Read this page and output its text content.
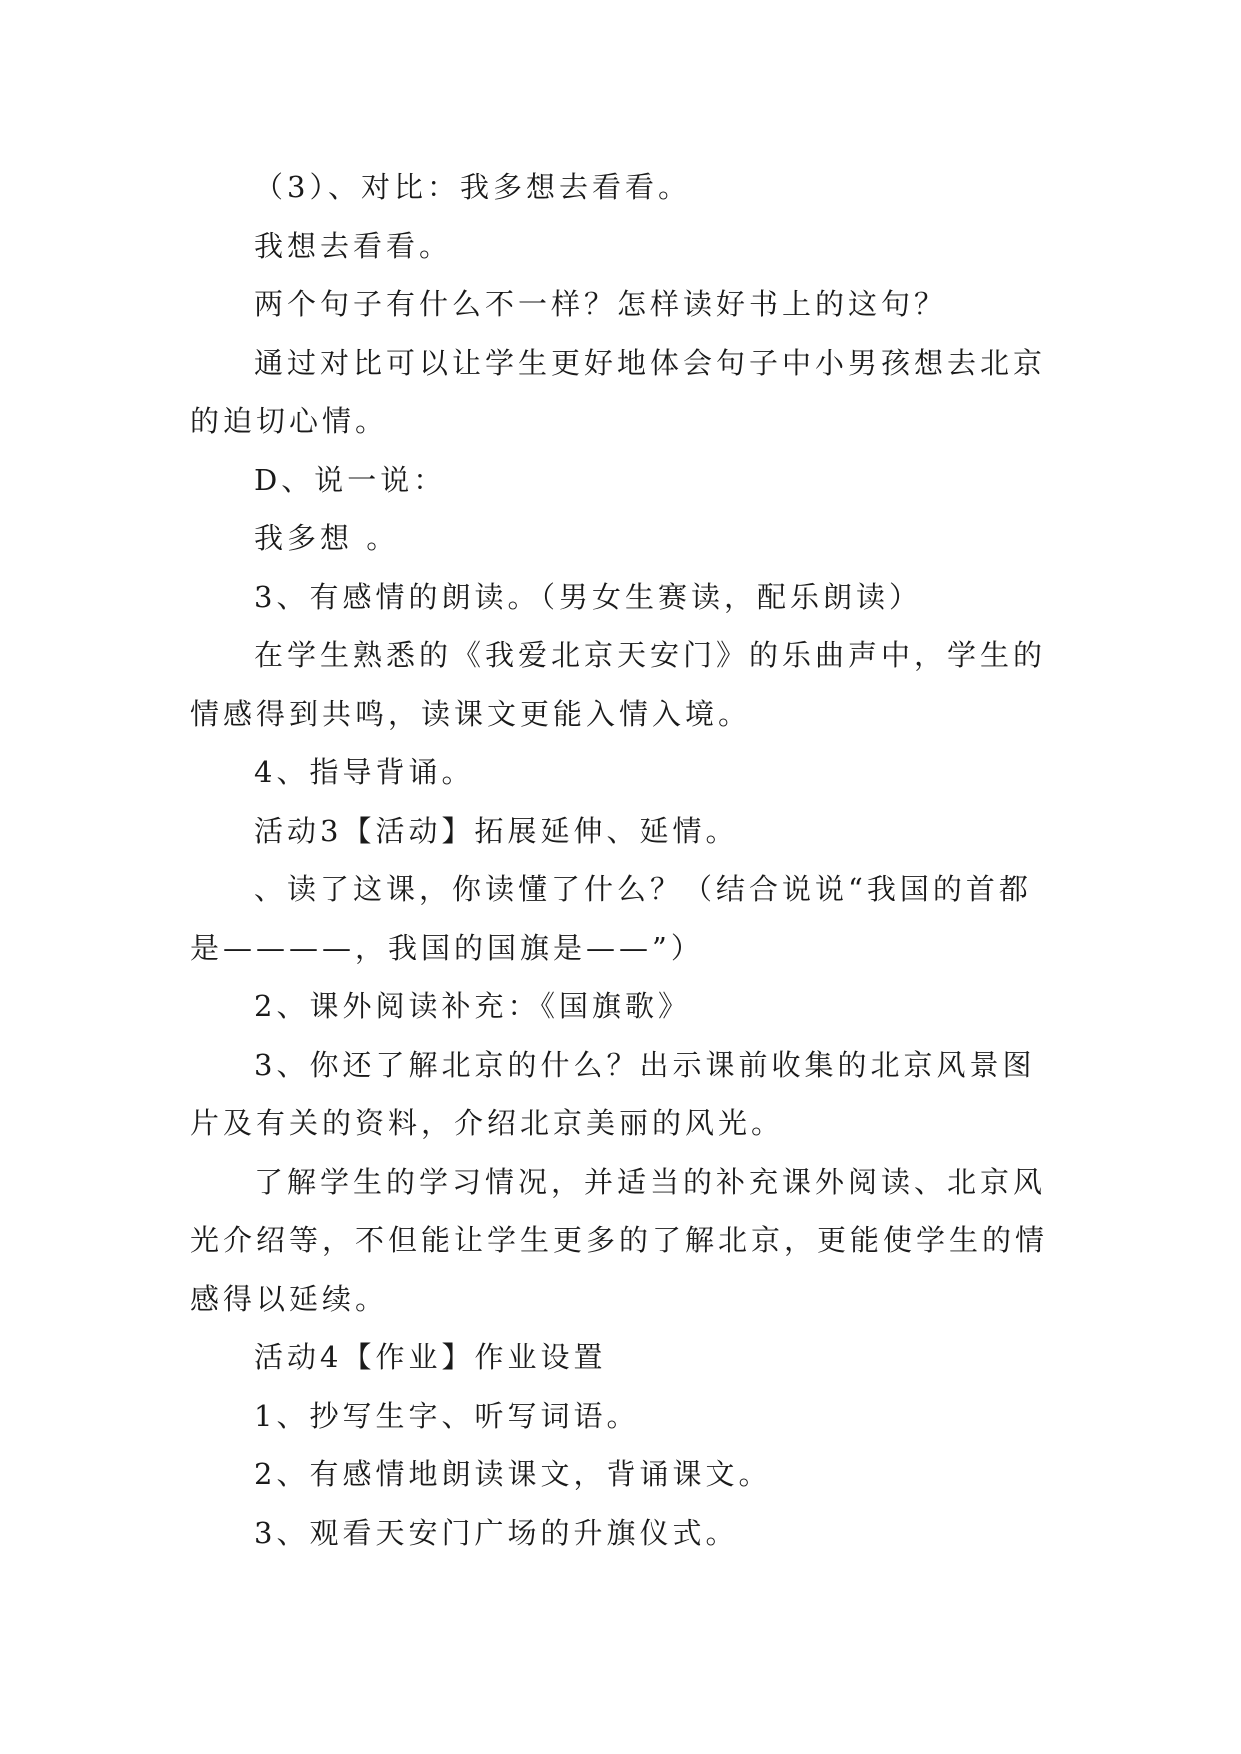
（3）、对比：我多想去看看。

我想去看看。

两个句子有什么不一样？怎样读好书上的这句？

通过对比可以让学生更好地体会句子中小男孩想去北京的迫切心情。

D、说一说：

我多想 。

3、有感情的朗读。（男女生赛读，配乐朗读）

在学生熟悉的《我爱北京天安门》的乐曲声中，学生的情感得到共鸣，读课文更能入情入境。

4、指导背诵。

活动3【活动】拓展延伸、延情。

、读了这课，你读懂了什么？（结合说说“我国的首都是————，我国的国旗是——”）

2、课外阅读补充：《国旗歌》

3、你还了解北京的什么？出示课前收集的北京风景图片及有关的资料，介绍北京美丽的风光。

了解学生的学习情况，并适当的补充课外阅读、北京风光介绍等，不但能让学生更多的了解北京，更能使学生的情感得以延续。

活动4【作业】作业设置

1、抄写生字、听写词语。

2、有感情地朗读课文，背诵课文。

3、观看天安门广场的升旗仪式。
